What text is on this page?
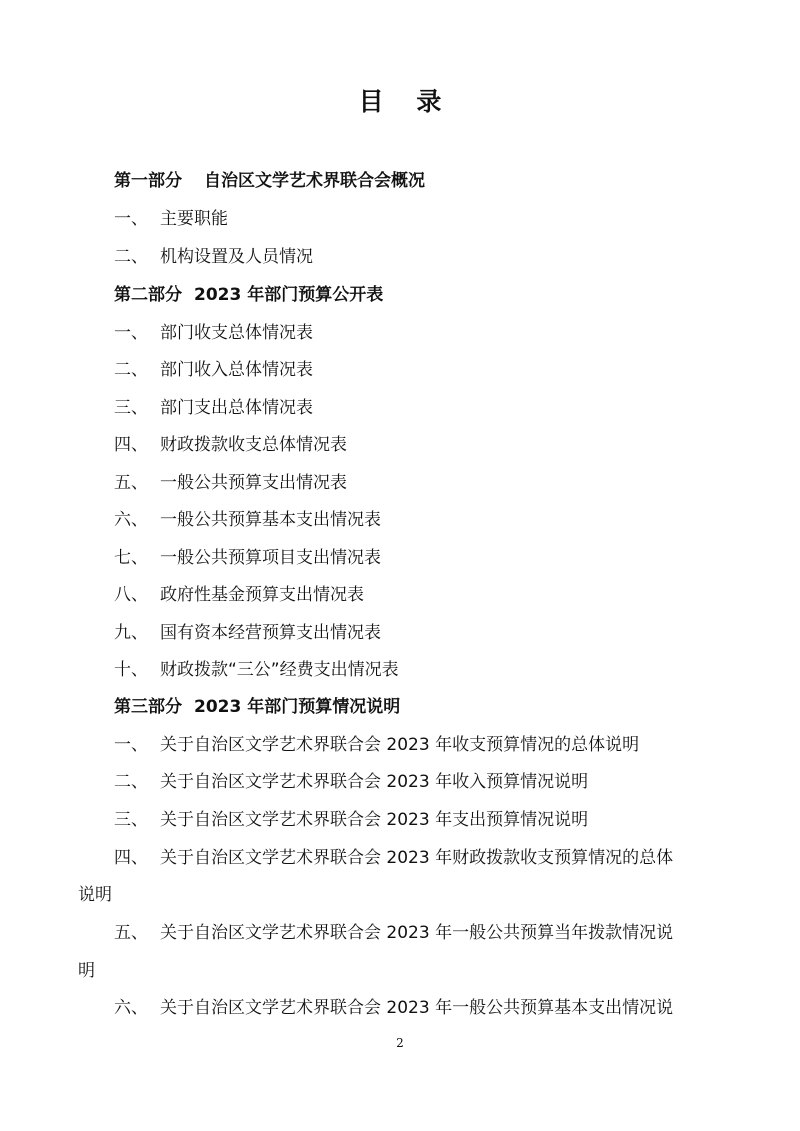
目 录
第一部分 自治区文学艺术界联合会概况
一、 主要职能
二、 机构设置及人员情况
第二部分 2023 年部门预算公开表
一、 部门收支总体情况表
二、 部门收入总体情况表
三、 部门支出总体情况表
四、 财政拨款收支总体情况表
五、 一般公共预算支出情况表
六、 一般公共预算基本支出情况表
七、 一般公共预算项目支出情况表
八、 政府性基金预算支出情况表
九、 国有资本经营预算支出情况表
十、 财政拨款“三公”经费支出情况表
第三部分 2023 年部门预算情况说明
一、 关于自治区文学艺术界联合会 2023 年收支预算情况的总体说明
二、 关于自治区文学艺术界联合会 2023 年收入预算情况说明
三、 关于自治区文学艺术界联合会 2023 年支出预算情况说明
四、 关于自治区文学艺术界联合会 2023 年财政拨款收支预算情况的总体
说明
五、 关于自治区文学艺术界联合会 2023 年一般公共预算当年拨款情况说
明
六、 关于自治区文学艺术界联合会 2023 年一般公共预算基本支出情况说
2
